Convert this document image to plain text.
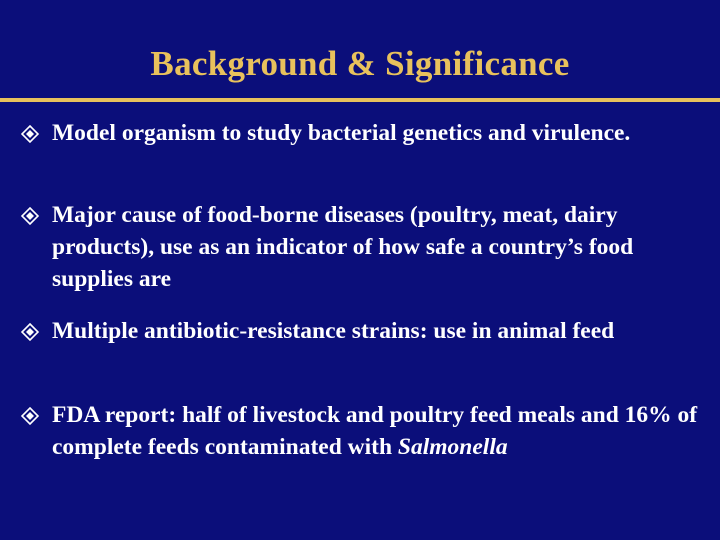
Background & Significance
Model organism to study bacterial genetics and virulence.
Major cause of food-borne diseases (poultry, meat, dairy products), use as an indicator of how safe a country’s food supplies are
Multiple antibiotic-resistance strains: use in animal feed
FDA report: half of livestock and poultry feed meals and 16% of complete feeds contaminated with Salmonella
